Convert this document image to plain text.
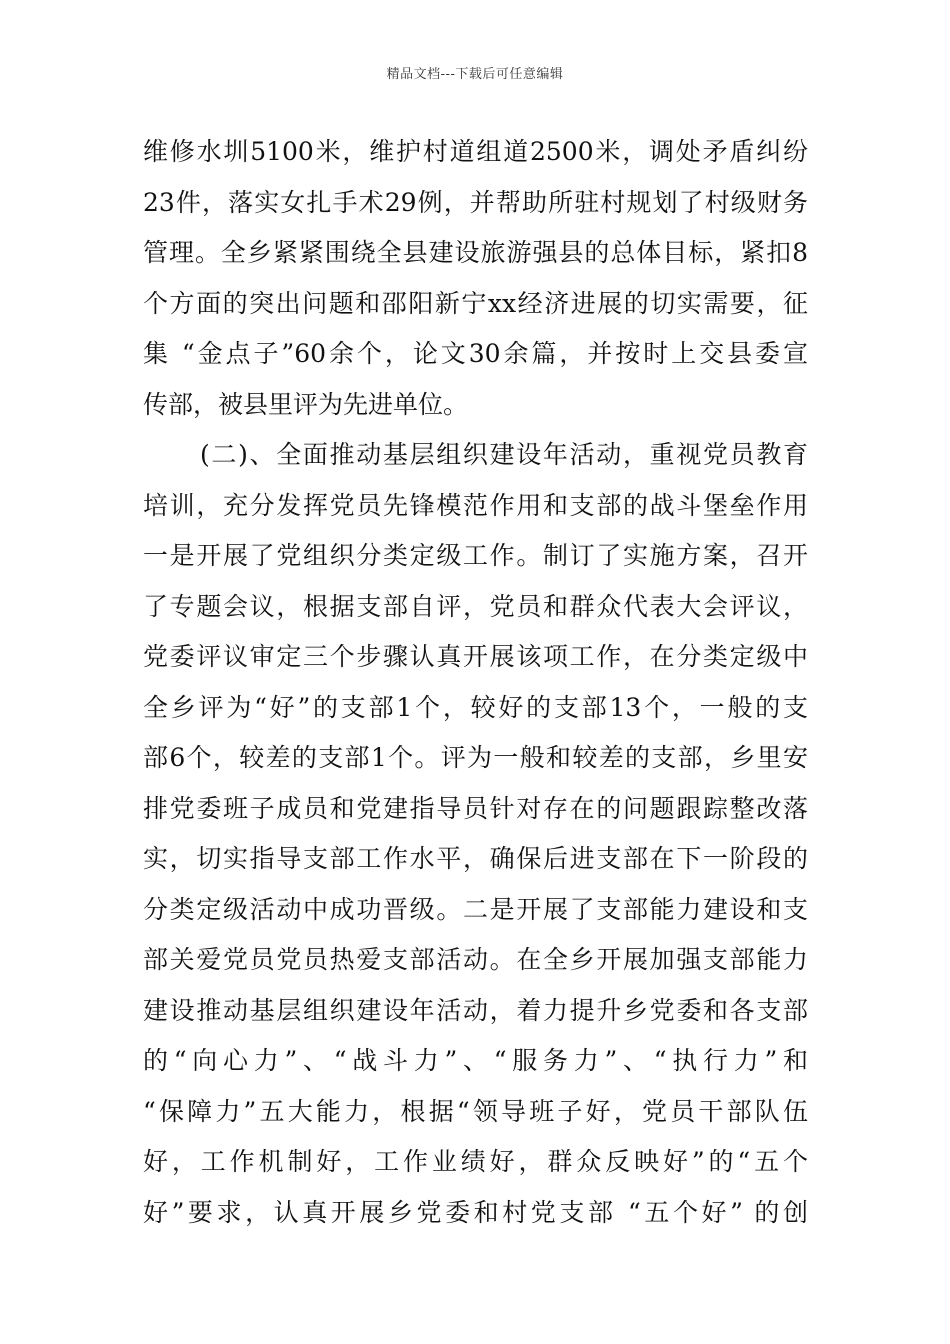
精品文档---下载后可任意编辑
维修水圳5100米，维护村道组道2500米，调处矛盾纠纷
23件，落实女扎手术29例，并帮助所驻村规划了村级财务
管理。全乡紧紧围绕全县建设旅游强县的总体目标，紧扣8
个方面的突出问题和邵阳新宁xx经济进展的切实需要，征
集 “金点子”60余个，论文30余篇，并按时上交县委宣
传部，被县里评为先进单位。
(二)、全面推动基层组织建设年活动，重视党员教育
培训，充分发挥党员先锋模范作用和支部的战斗堡垒作用
一是开展了党组织分类定级工作。制订了实施方案，召开
了专题会议，根据支部自评，党员和群众代表大会评议，
党委评议审定三个步骤认真开展该项工作，在分类定级中
全乡评为“好”的支部1个，较好的支部13个，一般的支
部6个，较差的支部1个。评为一般和较差的支部，乡里安
排党委班子成员和党建指导员针对存在的问题跟踪整改落
实，切实指导支部工作水平，确保后进支部在下一阶段的
分类定级活动中成功晋级。二是开展了支部能力建设和支
部关爱党员党员热爱支部活动。在全乡开展加强支部能力
建设推动基层组织建设年活动，着力提升乡党委和各支部
的“向心力”、“战斗力”、“服务力”、“执行力”和
“保障力”五大能力，根据“领导班子好，党员干部队伍
好，工作机制好，工作业绩好，群众反映好”的“五个
好”要求，认真开展乡党委和村党支部 “五个好” 的创
